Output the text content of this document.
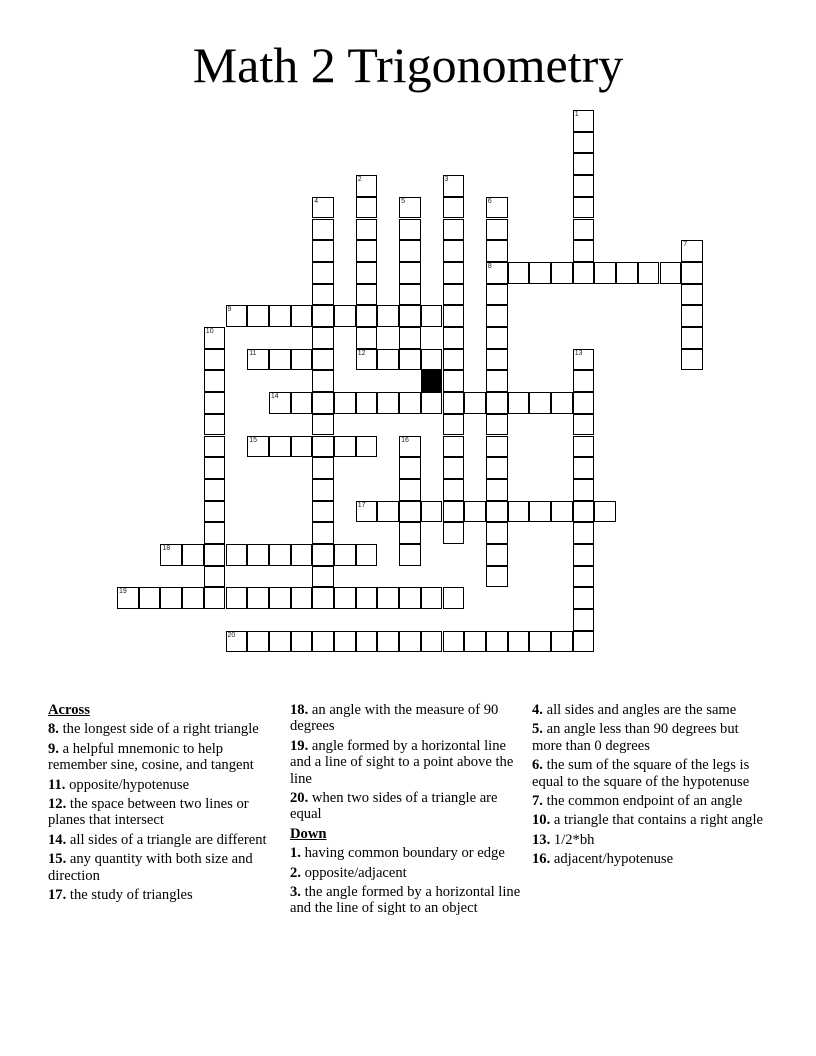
Math 2 Trigonometry
8
9
11	12
14
15
17
18
19
20
1
2	3
4	5	6
7
10
13
16
Across
8. the longest side of a right triangle
9. a helpful mnemonic to help remember sine, cosine, and tangent
11. opposite/hypotenuse
12. the space between two lines or planes that intersect
14. all sides of a triangle are different
15. any quantity with both size and direction
17. the study of triangles
18. an angle with the measure of 90 degrees
19. angle formed by a horizontal line and a line of sight to a point above the line
20. when two sides of a triangle are equal
Down
1. having common boundary or edge
2. opposite/adjacent
3. the angle formed by a horizontal line and the line of sight to an object
4. all sides and angles are the same
5. an angle less than 90 degrees but more than 0 degrees
6. the sum of the square of the legs is equal to the square of the hypotenuse
7. the common endpoint of an angle
10. a triangle that contains a right angle
13. 1/2*bh
16. adjacent/hypotenuse
